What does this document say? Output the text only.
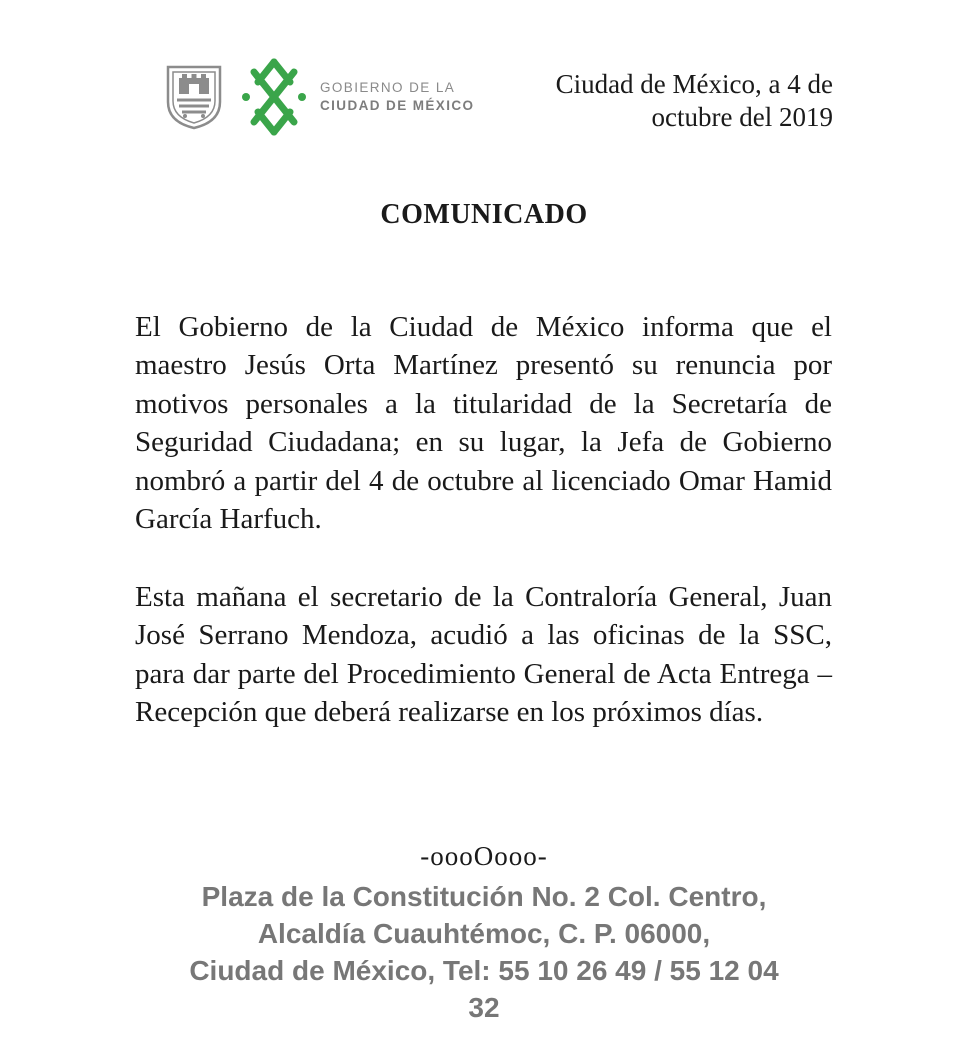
GOBIERNO DE LA
CIUDAD DE MÉXICO
Ciudad de México, a 4 de
octubre del 2019
COMUNICADO
El Gobierno de la Ciudad de México informa que el maestro Jesús Orta Martínez presentó su renuncia por motivos personales a la titularidad de la Secretaría de Seguridad Ciudadana; en su lugar, la Jefa de Gobierno nombró a partir del 4 de octubre al licenciado Omar Hamid García Harfuch.
Esta mañana el secretario de la Contraloría General, Juan José Serrano Mendoza, acudió a las oficinas de la SSC, para dar parte del Procedimiento General de Acta Entrega – Recepción que deberá realizarse en los próximos días.
-oooOooo-
Plaza de la Constitución No. 2 Col. Centro,
Alcaldía Cuauhtémoc, C. P. 06000,
Ciudad de México, Tel: 55 10 26 49 / 55 12 04
32
